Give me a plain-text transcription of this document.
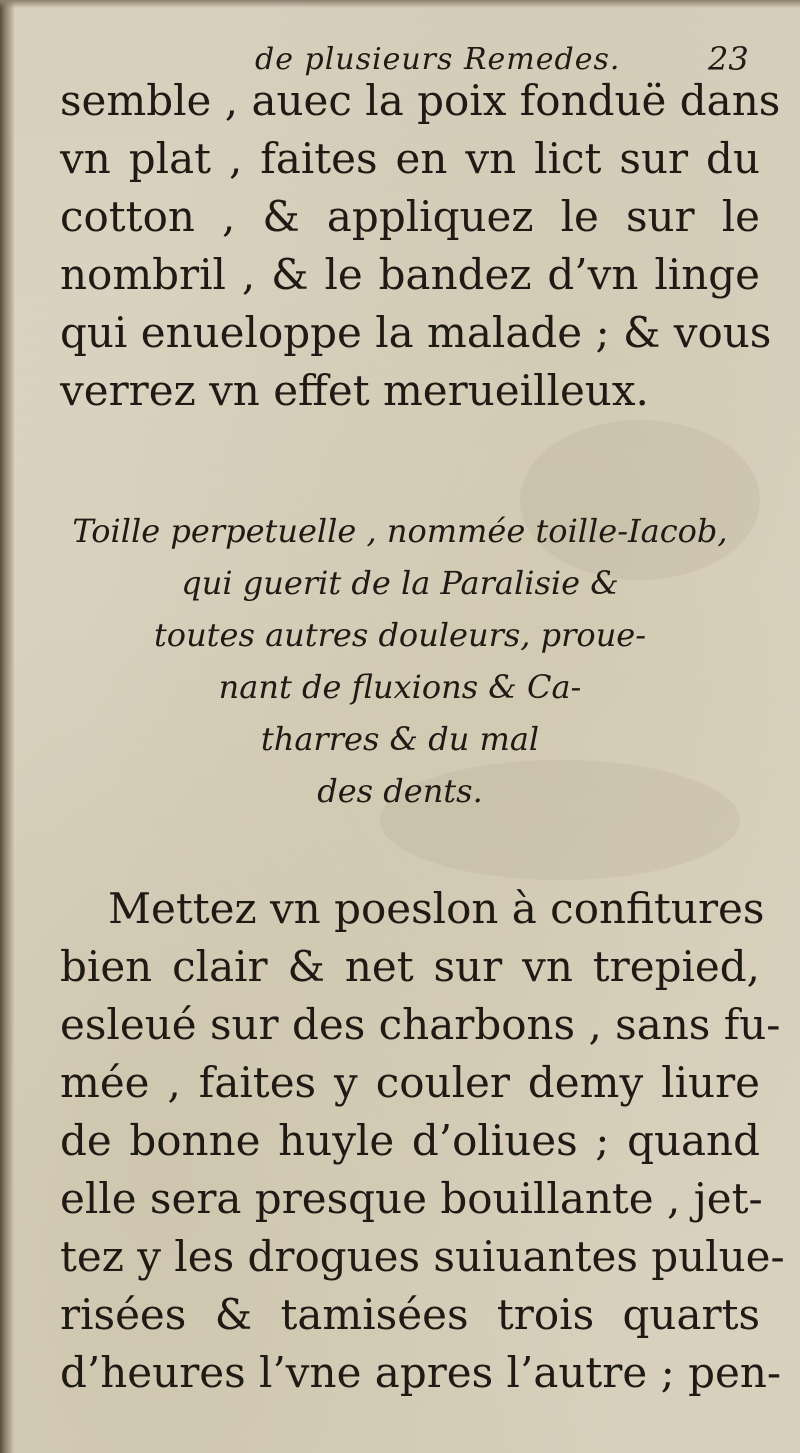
de plusieurs Remedes.	23
semble , auec la poix fonduë dans
vn plat , faites en vn lict sur du
cotton , & appliquez le sur le
nombril , & le bandez d’vn linge
qui enueloppe la malade ; & vous
verrez vn effet merueilleux.
Toille perpetuelle , nommée toille-Iacob,
qui guerit de la Paralisie &
toutes autres douleurs, proue-
nant de fluxions & Ca-
tharres & du mal
des dents.
Mettez vn poeslon à confitures
bien clair & net sur vn trepied,
esleué sur des charbons , sans fu-
mée , faites y couler demy liure
de bonne huyle d’oliues ; quand
elle sera presque bouillante , jet-
tez y les drogues suiuantes pulue-
risées & tamisées trois quarts
d’heures l’vne apres l’autre ; pen-
